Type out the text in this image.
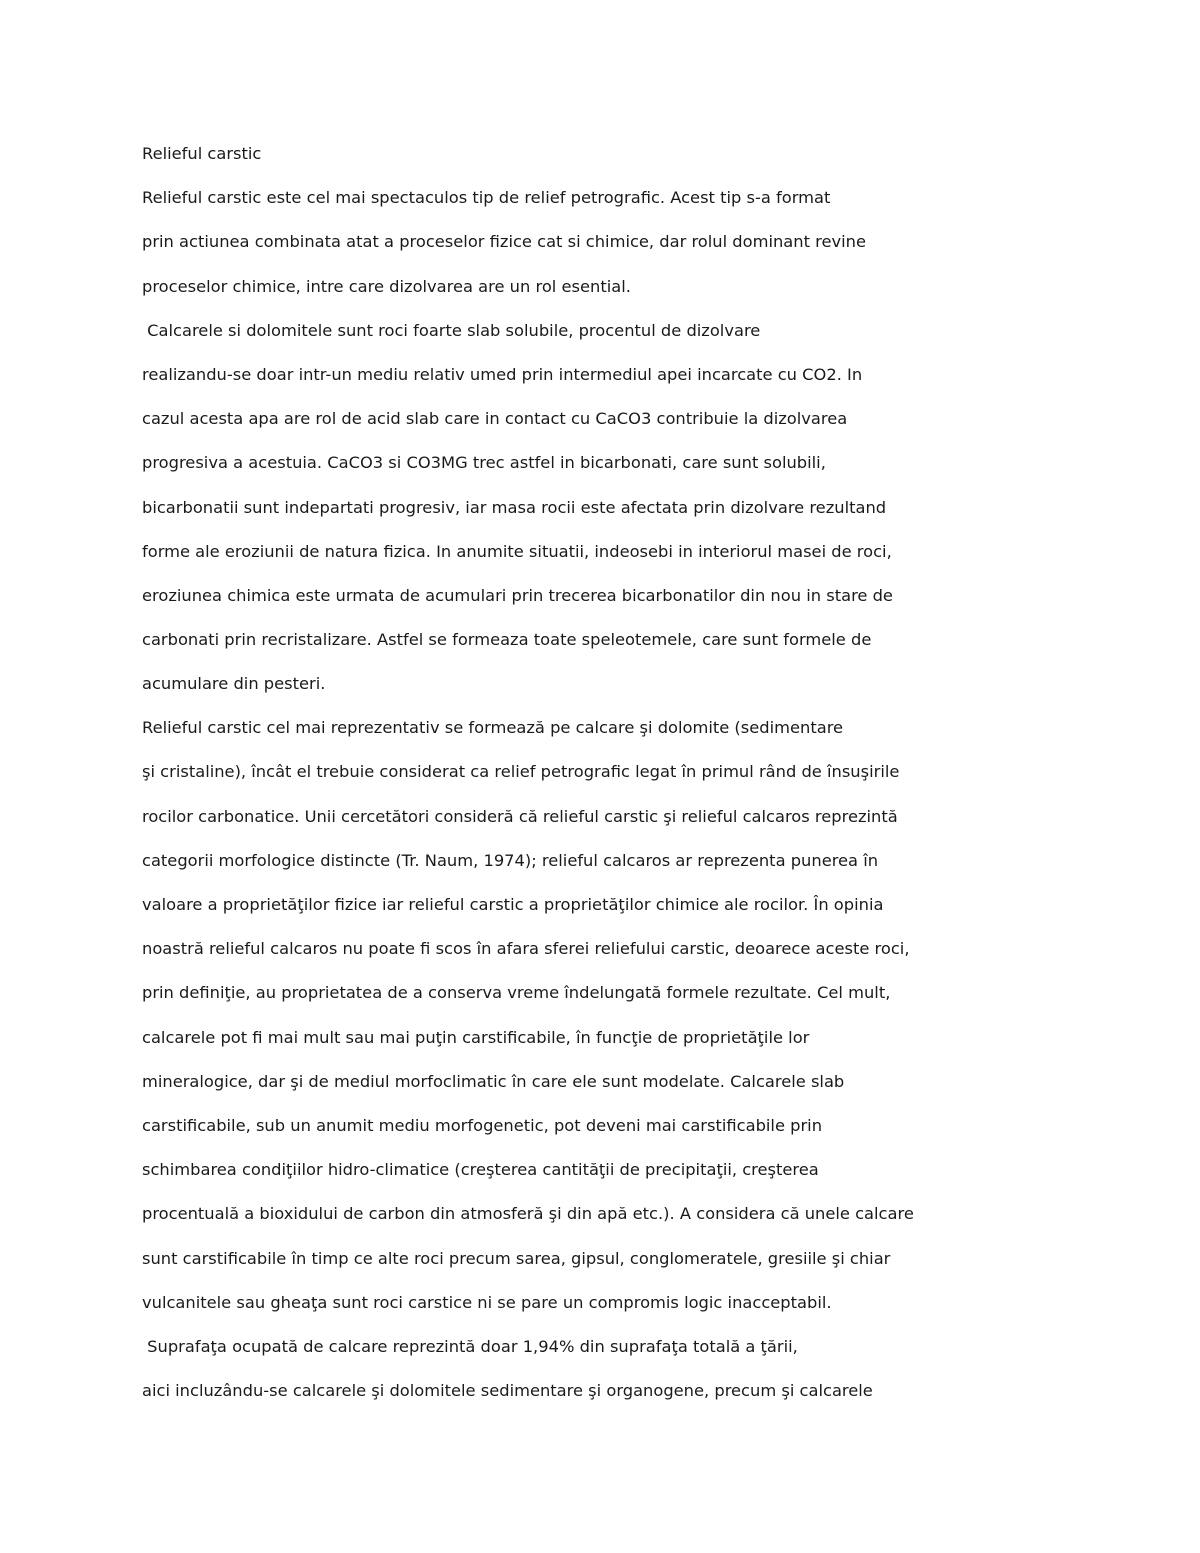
Relieful carstic
Relieful carstic este cel mai spectaculos tip de relief petrografic. Acest tip s-a format
prin actiunea combinata atat a proceselor fizice cat si chimice, dar rolul dominant revine
proceselor chimice, intre care dizolvarea are un rol esential.
Calcarele si dolomitele sunt roci foarte slab solubile, procentul de dizolvare
realizandu-se doar intr-un mediu relativ umed prin intermediul apei incarcate cu CO2. In
cazul acesta apa are rol de acid slab care in contact cu CaCO3 contribuie la dizolvarea
progresiva a acestuia. CaCO3 si CO3MG trec astfel in bicarbonati, care sunt solubili,
bicarbonatii sunt indepartati progresiv, iar masa rocii este afectata prin dizolvare rezultand
forme ale eroziunii de natura fizica. In anumite situatii, indeosebi in interiorul masei de roci,
eroziunea chimica este urmata de acumulari prin trecerea bicarbonatilor din nou in stare de
carbonati prin recristalizare. Astfel se formeaza toate speleotemele, care sunt formele de
acumulare din pesteri.
Relieful carstic cel mai reprezentativ se formează pe calcare şi dolomite (sedimentare
şi cristaline), încât el trebuie considerat ca relief petrografic legat în primul rând de însuşirile
rocilor carbonatice. Unii cercetători consideră că relieful carstic şi relieful calcaros reprezintă
categorii morfologice distincte (Tr. Naum, 1974); relieful calcaros ar reprezenta punerea în
valoare a proprietăţilor fizice iar relieful carstic a proprietăţilor chimice ale rocilor. În opinia
noastră relieful calcaros nu poate fi scos în afara sferei reliefului carstic, deoarece aceste roci,
prin definiţie, au proprietatea de a conserva vreme îndelungată formele rezultate. Cel mult,
calcarele pot fi mai mult sau mai puţin carstificabile, în funcţie de proprietăţile lor
mineralogice, dar şi de mediul morfoclimatic în care ele sunt modelate. Calcarele slab
carstificabile, sub un anumit mediu morfogenetic, pot deveni mai carstificabile prin
schimbarea condiţiilor hidro-climatice (creşterea cantităţii de precipitaţii, creşterea
procentuală a bioxidului de carbon din atmosferă şi din apă etc.). A considera că unele calcare
sunt carstificabile în timp ce alte roci precum sarea, gipsul, conglomeratele, gresiile şi chiar
vulcanitele sau gheaţa sunt roci carstice ni se pare un compromis logic inacceptabil.
Suprafaţa ocupată de calcare reprezintă doar 1,94% din suprafaţa totală a ţării,
aici incluzându-se calcarele şi dolomitele sedimentare şi organogene, precum şi calcarele
